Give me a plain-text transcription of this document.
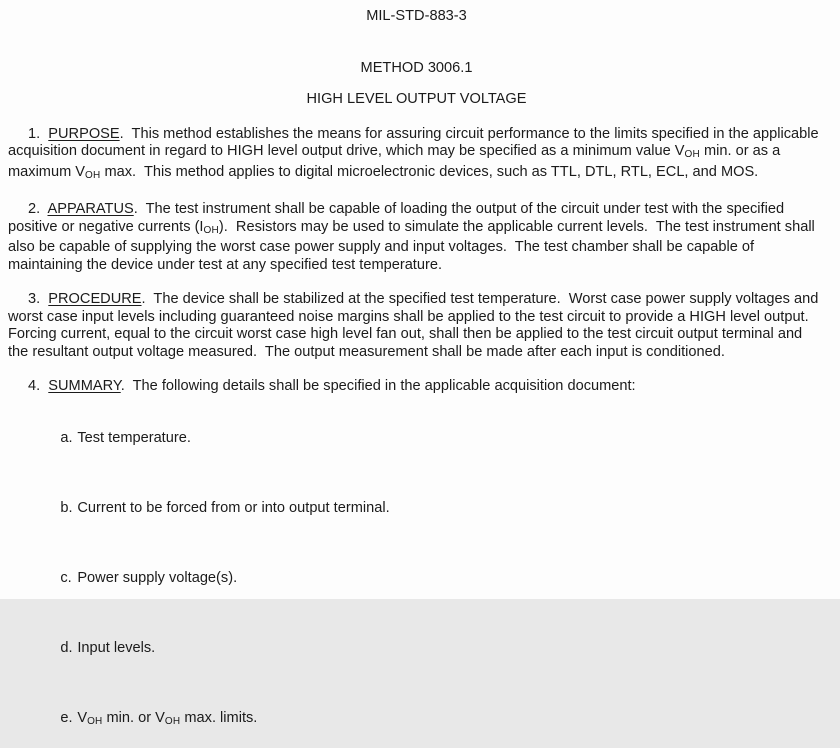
MIL-STD-883-3
METHOD 3006.1
HIGH LEVEL OUTPUT VOLTAGE
1.  PURPOSE.  This method establishes the means for assuring circuit performance to the limits specified in the applicable acquisition document in regard to HIGH level output drive, which may be specified as a minimum value $V_{OH}$ min. or as a maximum $V_{OH}$ max.  This method applies to digital microelectronic devices, such as TTL, DTL, RTL, ECL, and MOS.
2.  APPARATUS.  The test instrument shall be capable of loading the output of the circuit under test with the specified positive or negative currents $(I_{OH})$.  Resistors may be used to simulate the applicable current levels.  The test instrument shall also be capable of supplying the worst case power supply and input voltages.  The test chamber shall be capable of maintaining the device under test at any specified test temperature.
3.  PROCEDURE.  The device shall be stabilized at the specified test temperature.  Worst case power supply voltages and worst case input levels including guaranteed noise margins shall be applied to the test circuit to provide a HIGH level output.  Forcing current, equal to the circuit worst case high level fan out, shall then be applied to the test circuit output terminal and the resultant output voltage measured.  The output measurement shall be made after each input is conditioned.
4.  SUMMARY.  The following details shall be specified in the applicable acquisition document:

a. Test temperature.

b. Current to be forced from or into output terminal.

c. Power supply voltage(s).

d. Input levels.

e. $V_{OH}$ min. or $V_{OH}$ max. limits.
